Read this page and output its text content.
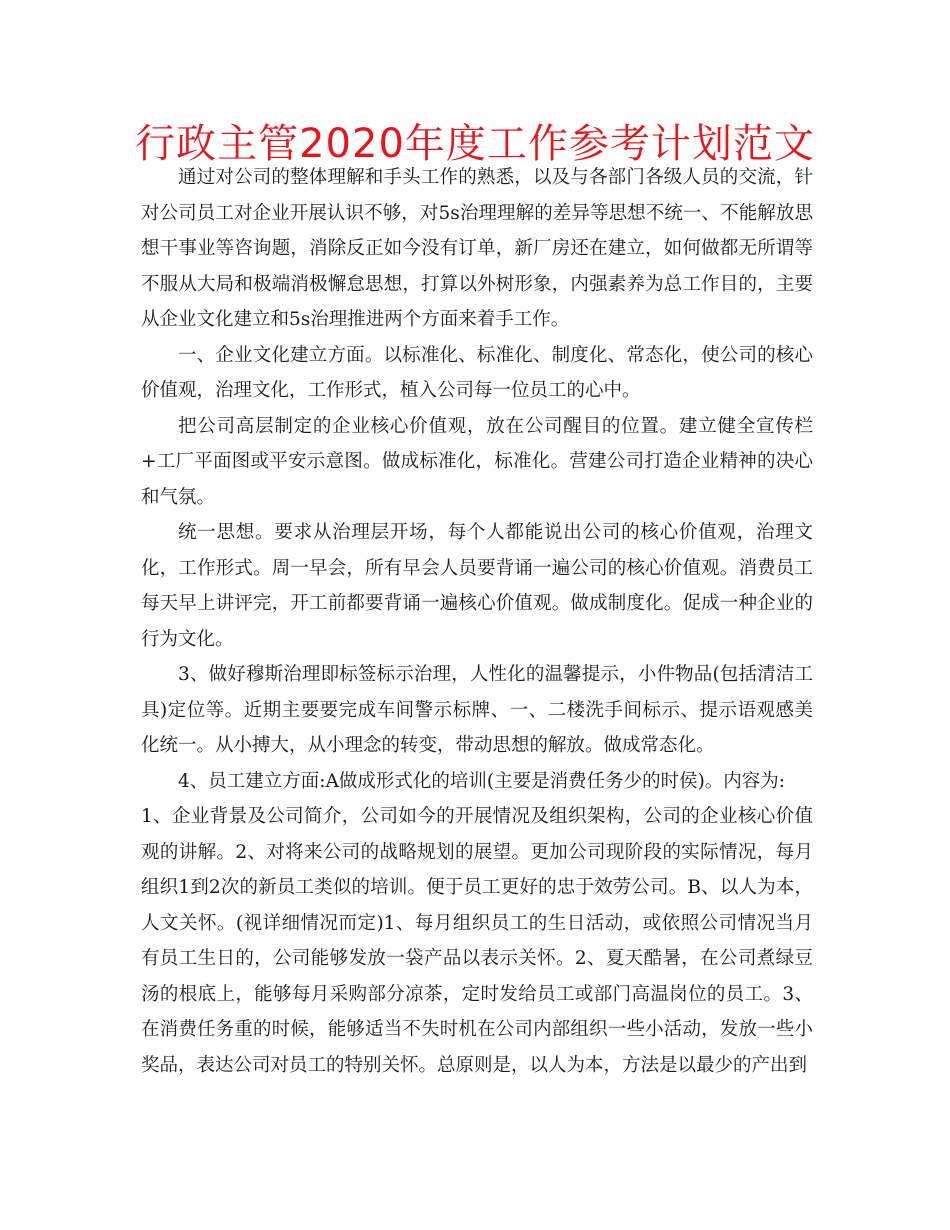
行政主管2020年度工作参考计划范文

通过对公司的整体理解和手头工作的熟悉，以及与各部门各级人员的交流，针对公司员工对企业开展认识不够，对5s治理理解的差异等思想不统一、不能解放思想干事业等咨询题，消除反正如今没有订单，新厂房还在建立，如何做都无所谓等不服从大局和极端消极懈怠思想，打算以外树形象，内强素养为总工作目的，主要从企业文化建立和5s治理推进两个方面来着手工作。

一、企业文化建立方面。以标准化、标准化、制度化、常态化，使公司的核心价值观，治理文化，工作形式，植入公司每一位员工的心中。

把公司高层制定的企业核心价值观，放在公司醒目的位置。建立健全宣传栏+工厂平面图或平安示意图。做成标准化，标准化。营建公司打造企业精神的决心和气氛。

统一思想。要求从治理层开场，每个人都能说出公司的核心价值观，治理文化，工作形式。周一早会，所有早会人员要背诵一遍公司的核心价值观。消费员工每天早上讲评完，开工前都要背诵一遍核心价值观。做成制度化。促成一种企业的行为文化。

3、做好穆斯治理即标签标示治理，人性化的温馨提示，小件物品(包括清洁工具)定位等。近期主要要完成车间警示标牌、一、二楼洗手间标示、提示语观感美化统一。从小搏大，从小理念的转变，带动思想的解放。做成常态化。

4、员工建立方面:A做成形式化的培训(主要是消费任务少的时侯)。内容为:

1、企业背景及公司简介，公司如今的开展情况及组织架构，公司的企业核心价值观的讲解。2、对将来公司的战略规划的展望。更加公司现阶段的实际情况，每月组织1到2次的新员工类似的培训。便于员工更好的忠于效劳公司。B、以人为本，人文关怀。(视详细情况而定)1、每月组织员工的生日活动，或依照公司情况当月有员工生日的，公司能够发放一袋产品以表示关怀。2、夏天酷暑，在公司煮绿豆汤的根底上，能够每月采购部分凉茶，定时发给员工或部门高温岗位的员工。3、在消费任务重的时候，能够适当不失时机在公司内部组织一些小活动，发放一些小奖品，表达公司对员工的特别关怀。总原则是，以人为本，方法是以最少的产出到
